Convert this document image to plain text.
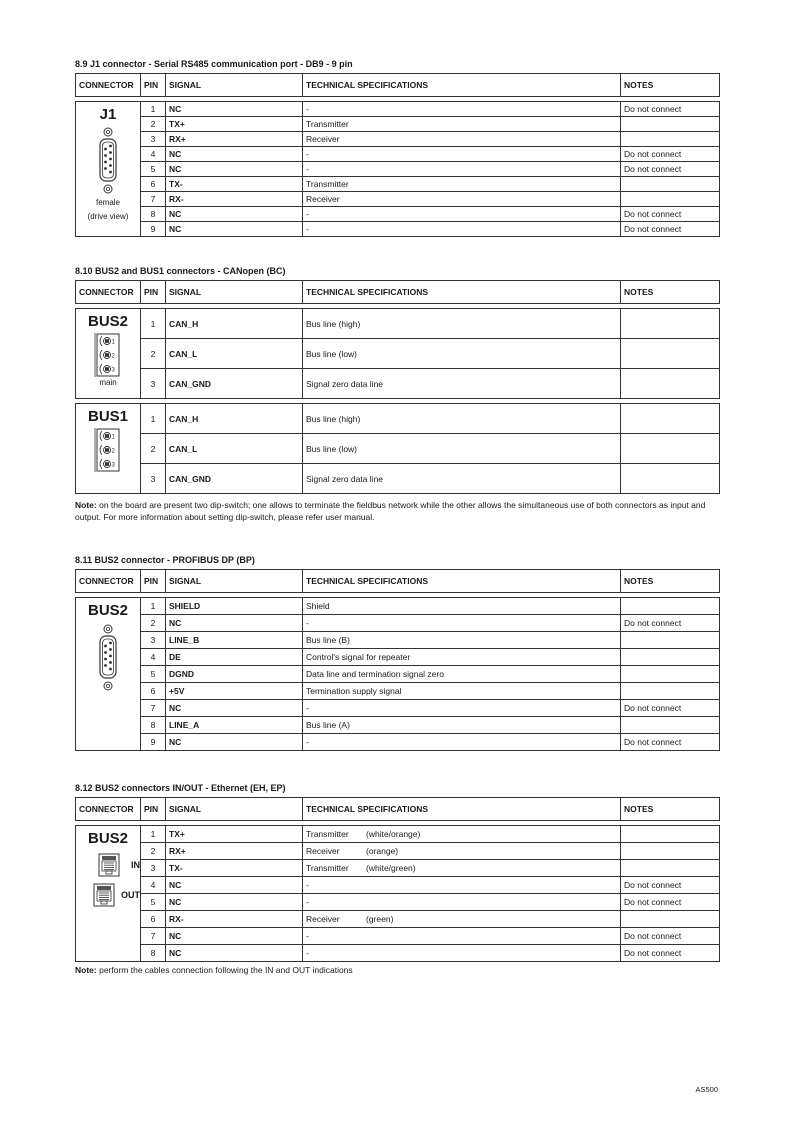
8.9 J1 connector - Serial RS485 communication port - DB9 - 9 pin
CONNECTOR	PIN	SIGNAL	TECHNICAL SPECIFICATIONS	NOTES

J1
female
(drive view)	1	NC	-	Do not connect
	2	TX+	Transmitter	
	3	RX+	Receiver	
	4	NC	-	Do not connect
	5	NC	-	Do not connect
	6	TX-	Transmitter	
	7	RX-	Receiver	
	8	NC	-	Do not connect
	9	NC	-	Do not connect
8.10 BUS2 and BUS1 connectors - CANopen (BC)
CONNECTOR	PIN	SIGNAL	TECHNICAL SPECIFICATIONS	NOTES

BUS2
1
2
3
main	1	CAN_H	Bus line (high)	
	2	CAN_L	Bus line (low)	
	3	CAN_GND	Signal zero data line	

BUS1
1
2
3	1	CAN_H	Bus line (high)	
	2	CAN_L	Bus line (low)	
	3	CAN_GND	Signal zero data line	
Note: on the board are present two dip-switch; one allows to terminate the fieldbus network while the other allows the simultaneous use of both connectors as input and output. For more information about setting dip-switch, please refer user manual.
8.11 BUS2 connector - PROFIBUS DP (BP)
CONNECTOR	PIN	SIGNAL	TECHNICAL SPECIFICATIONS	NOTES

BUS2	1	SHIELD	Shield	
	2	NC	-	Do not connect
	3	LINE_B	Bus line (B)	
	4	DE	Control's signal for repeater	
	5	DGND	Data line and termination signal zero	
	6	+5V	Termination supply signal	
	7	NC	-	Do not connect
	8	LINE_A	Bus line (A)	
	9	NC	-	Do not connect
8.12 BUS2 connectors IN/OUT - Ethernet (EH, EP)
CONNECTOR	PIN	SIGNAL	TECHNICAL SPECIFICATIONS	NOTES

BUS2
IN
OUT	1	TX+	Transmitter (white/orange)	
	2	RX+	Receiver (orange)	
	3	TX-	Transmitter (white/green)	
	4	NC	-	Do not connect
	5	NC	-	Do not connect
	6	RX-	Receiver (green)	
	7	NC	-	Do not connect
	8	NC	-	Do not connect
Note: perform the cables connection following the IN and OUT indications
AS500
